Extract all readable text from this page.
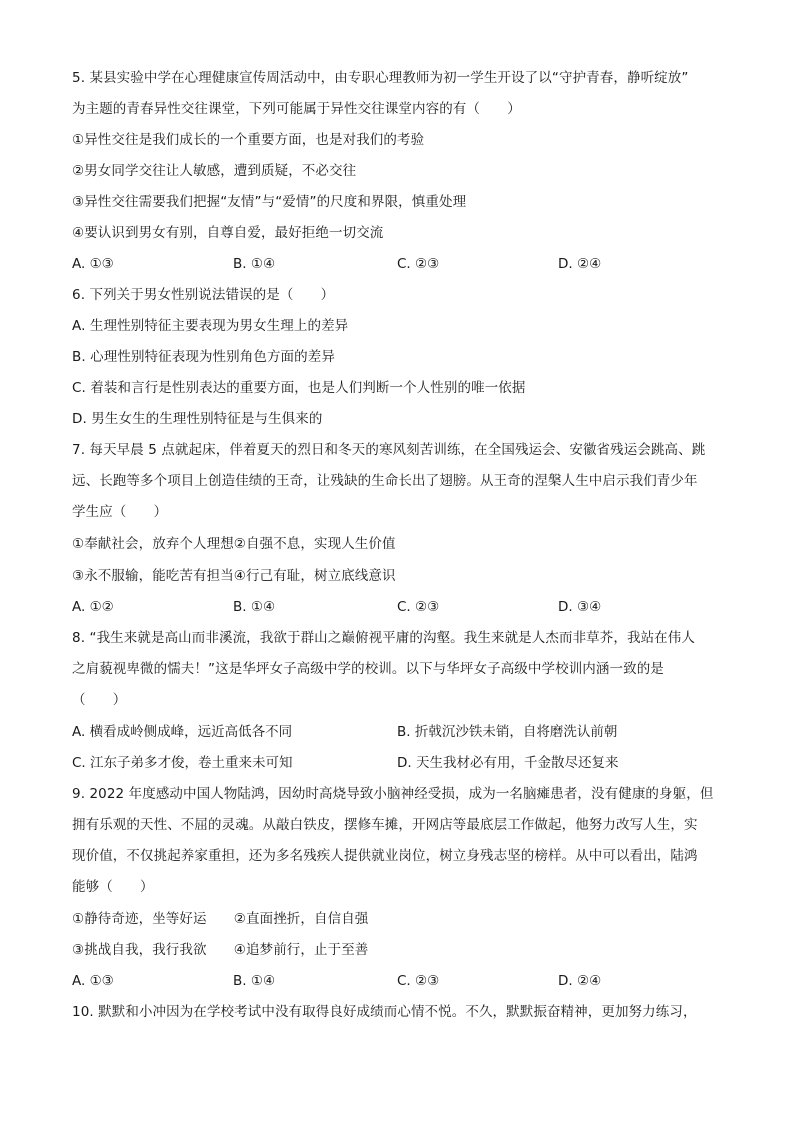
5. 某县实验中学在心理健康宣传周活动中，由专职心理教师为初一学生开设了以“守护青春，静听绽放”
为主题的青春异性交往课堂，下列可能属于异性交往课堂内容的有（　　）
①异性交往是我们成长的一个重要方面，也是对我们的考验
②男女同学交往让人敏感，遭到质疑，不必交往
③异性交往需要我们把握“友情”与“爱情”的尺度和界限，慎重处理
④要认识到男女有别，自尊自爱，最好拒绝一切交流
A. ①③	B. ①④	C. ②③	D. ②④
6. 下列关于男女性别说法错误的是（　　）
A. 生理性别特征主要表现为男女生理上的差异
B. 心理性别特征表现为性别角色方面的差异
C. 着装和言行是性别表达的重要方面，也是人们判断一个人性别的唯一依据
D. 男生女生的生理性别特征是与生俱来的
7. 每天早晨 5 点就起床，伴着夏天的烈日和冬天的寒风刻苦训练，在全国残运会、安徽省残运会跳高、跳
远、长跑等多个项目上创造佳绩的王奇，让残缺的生命长出了翅膀。从王奇的涅槃人生中启示我们青少年
学生应（　　）
①奉献社会，放弃个人理想②自强不息，实现人生价值
③永不服输，能吃苦有担当④行己有耻，树立底线意识
A. ①②	B. ①④	C. ②③	D. ③④
8. “我生来就是高山而非溪流，我欲于群山之巅俯视平庸的沟壑。我生来就是人杰而非草芥，我站在伟人
之肩藐视卑微的懦夫！”这是华坪女子高级中学的校训。以下与华坪女子高级中学校训内涵一致的是
（　　）
A. 横看成岭侧成峰，远近高低各不同	B. 折戟沉沙铁未销，自将磨洗认前朝
C. 江东子弟多才俊，卷土重来未可知	D. 天生我材必有用，千金散尽还复来
9. 2022 年度感动中国人物陆鸿，因幼时高烧导致小脑神经受损，成为一名脑瘫患者，没有健康的身躯，但
拥有乐观的天性、不屈的灵魂。从敲白铁皮，摆修车摊，开网店等最底层工作做起，他努力改写人生，实
现价值，不仅挑起养家重担，还为多名残疾人提供就业岗位，树立身残志坚的榜样。从中可以看出，陆鸿
能够（　　）
①静待奇迹，坐等好运　　②直面挫折，自信自强
③挑战自我，我行我欲　　④追梦前行，止于至善
A. ①③	B. ①④	C. ②③	D. ②④
10. 默默和小冲因为在学校考试中没有取得良好成绩而心情不悦。不久，默默振奋精神，更加努力练习，
